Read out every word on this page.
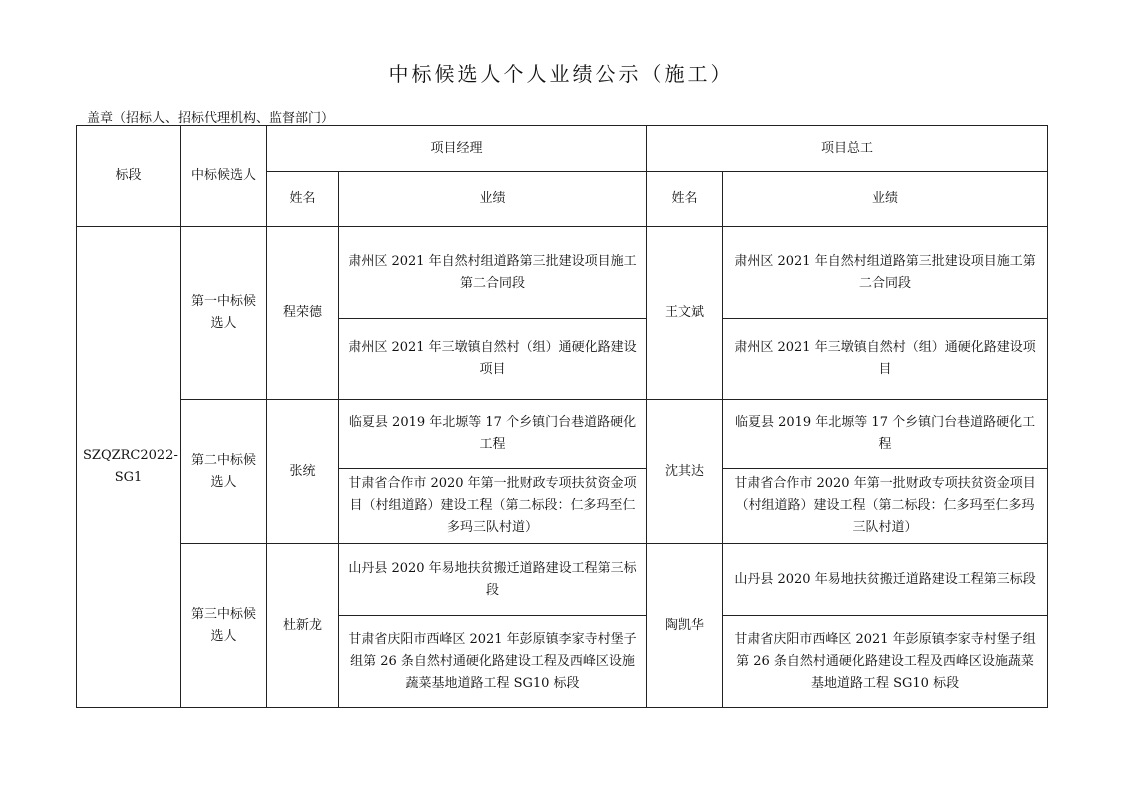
中标候选人个人业绩公示（施工）
盖章（招标人、招标代理机构、监督部门）
标段	中标候选人	项目经理		项目总工	
		姓名	业绩	姓名	业绩
SZQZRC2022-SG1	第一中标候选人	程荣德	肃州区 2021 年自然村组道路第三批建设项目施工第二合同段	王文斌	肃州区 2021 年自然村组道路第三批建设项目施工第二合同段
			肃州区 2021 年三墩镇自然村（组）通硬化路建设项目		肃州区 2021 年三墩镇自然村（组）通硬化路建设项目
	第二中标候选人	张统	临夏县 2019 年北塬等 17 个乡镇门台巷道路硬化工程	沈其达	临夏县 2019 年北塬等 17 个乡镇门台巷道路硬化工程
			甘肃省合作市 2020 年第一批财政专项扶贫资金项目（村组道路）建设工程（第二标段：仁多玛至仁多玛三队村道）		甘肃省合作市 2020 年第一批财政专项扶贫资金项目（村组道路）建设工程（第二标段：仁多玛至仁多玛三队村道）
	第三中标候选人	杜新龙	山丹县 2020 年易地扶贫搬迁道路建设工程第三标段	陶凯华	山丹县 2020 年易地扶贫搬迁道路建设工程第三标段
			甘肃省庆阳市西峰区 2021 年彭原镇李家寺村堡子组第 26 条自然村通硬化路建设工程及西峰区设施蔬菜基地道路工程 SG10 标段		甘肃省庆阳市西峰区 2021 年彭原镇李家寺村堡子组第 26 条自然村通硬化路建设工程及西峰区设施蔬菜基地道路工程 SG10 标段
